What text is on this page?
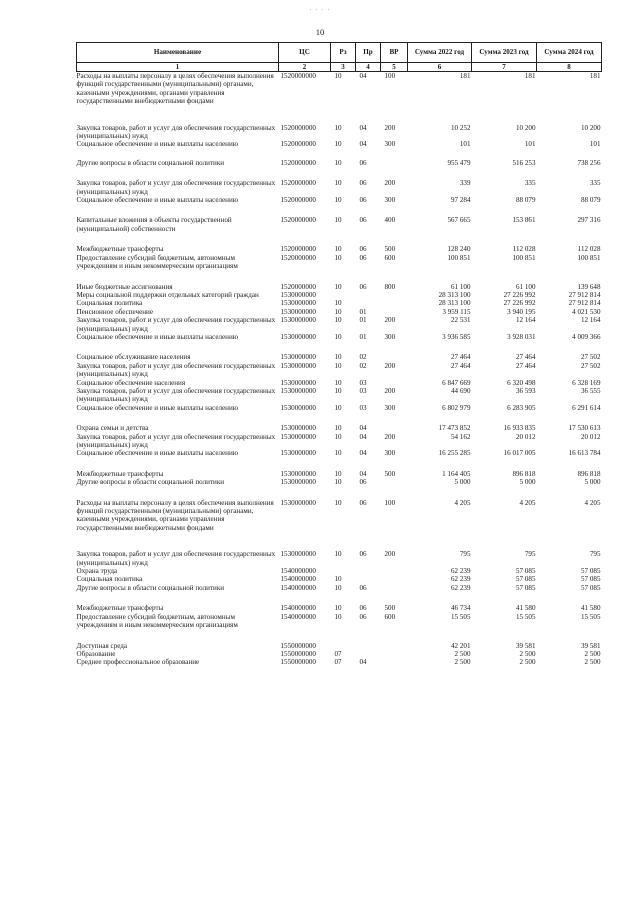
· · · ·
10
Наименование	ЦС	Рз	Пр	ВР	Сумма 2022 год	Сумма 2023 год	Сумма 2024 год
1	2	3	4	5	6	7	8
Расходы на выплаты персоналу в целях обеспечения выполнения функций государственными (муниципальными) органами, казенными учреждениями, органами управления государственными внебюджетными фондами	1520000000	10	04	100	181	181	181

Закупка товаров, работ и услуг для обеспечения государственных (муниципальных) нужд	1520000000	10	04	200	10 252	10 200	10 200
Социальное обеспечение и иные выплаты населению	1520000000	10	04	300	101	101	101

Другие вопросы в области социальной политики	1520000000	10	06		955 479	516 253	738 256

Закупка товаров, работ и услуг для обеспечения государственных (муниципальных) нужд	1520000000	10	06	200	339	335	335
Социальное обеспечение и иные выплаты населению	1520000000	10	06	300	97 284	88 079	88 079

Капитальные вложения в объекты государственной (муниципальной) собственности	1520000000	10	06	400	567 665	153 861	297 316

Межбюджетные трансферты	1520000000	10	06	500	128 240	112 028	112 028
Предоставление субсидий бюджетным, автономным учреждениям и иным некоммерческим организациям	1520000000	10	06	600	100 851	100 851	100 851

Иные бюджетные ассигнования	1520000000	10	06	800	61 100	61 100	139 648
Меры социальной поддержки отдельных категорий граждан	1530000000				28 313 100	27 226 992	27 912 814
Социальная политика	1530000000	10			28 313 100	27 226 992	27 912 814
Пенсионное обеспечение	1530000000	10	01		3 959 115	3 940 195	4 021 530
Закупка товаров, работ и услуг для обеспечения государственных (муниципальных) нужд	1530000000	10	01	200	22 531	12 164	12 164
Социальное обеспечение и иные выплаты населению	1530000000	10	01	300	3 936 585	3 928 031	4 009 366

Социальное обслуживание населения	1530000000	10	02		27 464	27 464	27 502
Закупка товаров, работ и услуг для обеспечения государственных (муниципальных) нужд	1530000000	10	02	200	27 464	27 464	27 502
Социальное обеспечение населения	1530000000	10	03		6 847 669	6 320 498	6 328 169
Закупка товаров, работ и услуг для обеспечения государственных (муниципальных) нужд	1530000000	10	03	200	44 690	36 593	36 555
Социальное обеспечение и иные выплаты населению	1530000000	10	03	300	6 802 979	6 283 905	6 291 614

Охрана семьи и детства	1530000000	10	04		17 473 852	16 933 835	17 530 613
Закупка товаров, работ и услуг для обеспечения государственных (муниципальных) нужд	1530000000	10	04	200	54 162	20 012	20 012
Социальное обеспечение и иные выплаты населению	1530000000	10	04	300	16 255 285	16 017 005	16 613 784

Межбюджетные трансферты	1530000000	10	04	500	1 164 405	896 818	896 818
Другие вопросы в области социальной политики	1530000000	10	06		5 000	5 000	5 000

Расходы на выплаты персоналу в целях обеспечения выполнения функций государственными (муниципальными) органами, казенными учреждениями, органами управления государственными внебюджетными фондами	1530000000	10	06	100	4 205	4 205	4 205

Закупка товаров, работ и услуг для обеспечения государственных (муниципальных) нужд	1530000000	10	06	200	795	795	795
Охрана труда	1540000000				62 239	57 085	57 085
Социальная политика	1540000000	10			62 239	57 085	57 085
Другие вопросы в области социальной политики	1540000000	10	06		62 239	57 085	57 085

Межбюджетные трансферты	1540000000	10	06	500	46 734	41 580	41 580
Предоставление субсидий бюджетным, автономным учреждениям и иным некоммерческим организациям	1540000000	10	06	600	15 505	15 505	15 505

Доступная среда	1550000000				42 201	39 581	39 581
Образование	1550000000	07			2 500	2 500	2 500
Среднее профессиональное образование	1550000000	07	04		2 500	2 500	2 500
